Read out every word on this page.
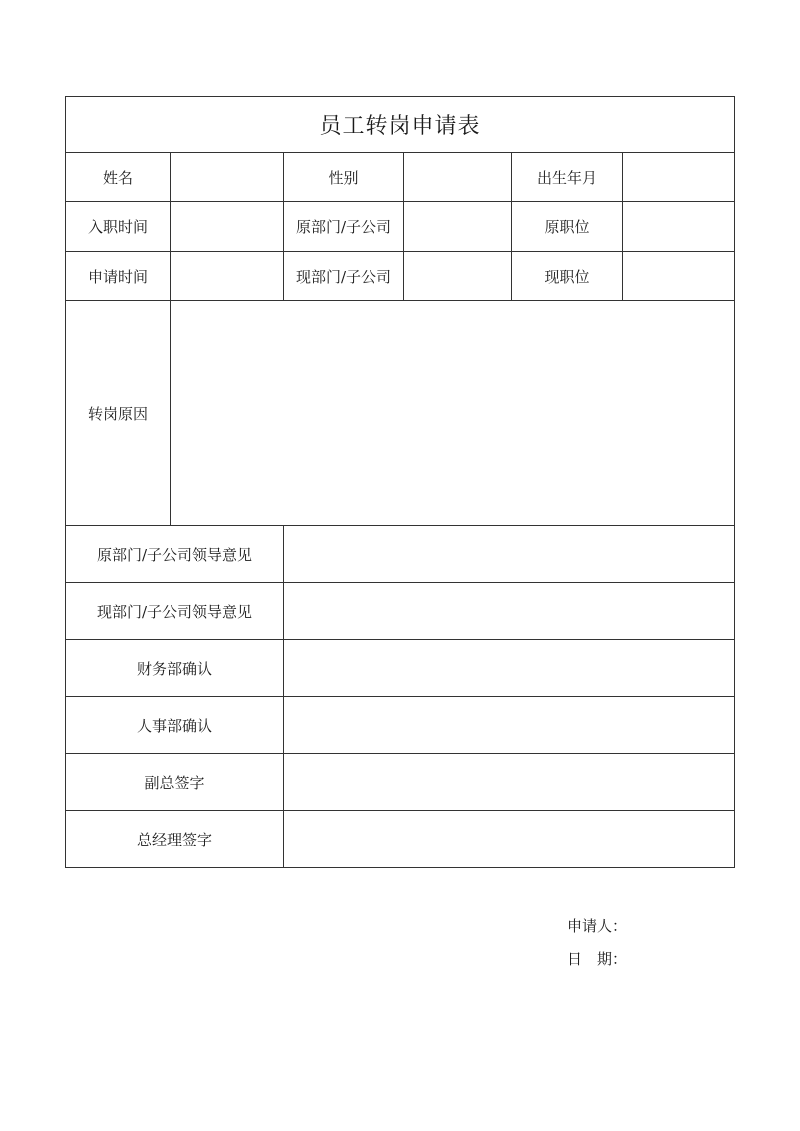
员工转岗申请表
姓名	性别	出生年月
入职时间	原部门/子公司	原职位
申请时间	现部门/子公司	现职位
转岗原因
原部门/子公司领导意见
现部门/子公司领导意见
财务部确认
人事部确认
副总签字
总经理签字
申请人：
日　期：
